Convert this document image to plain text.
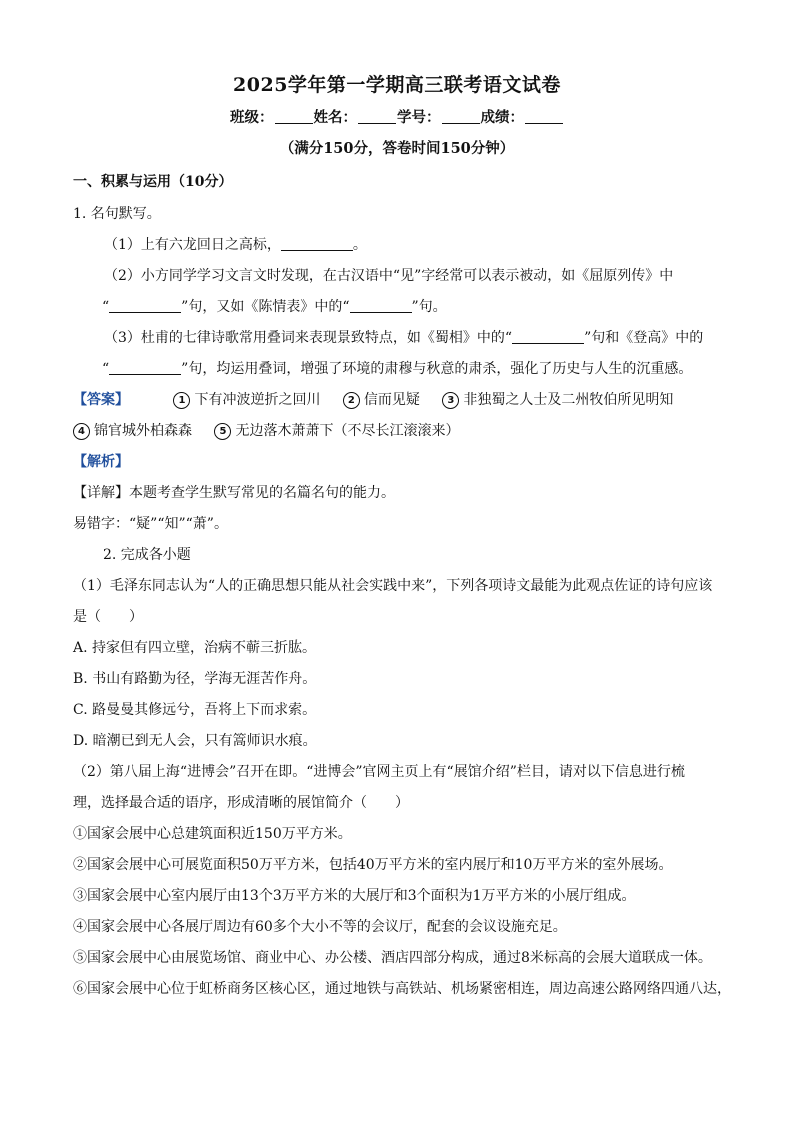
2025学年第一学期高三联考语文试卷
班级：	姓名：	学号：	成绩：
（满分150分，答卷时间150分钟）
一、积累与运用（10分）
1. 名句默写。
（1）上有六龙回日之高标，	。
（2）小方同学学习文言文时发现，在古汉语中“见”字经常可以表示被动，如《屈原列传》中
“	”句，又如《陈情表》中的“	”句。
（3）杜甫的七律诗歌常用叠词来表现景致特点，如《蜀相》中的“	”句和《登高》中的
“	”句，均运用叠词，增强了环境的肃穆与秋意的肃杀，强化了历史与人生的沉重感。
【答案】	1 下有冲波逆折之回川	2 信而见疑	3 非独蜀之人士及二州牧伯所见明知
4 锦官城外柏森森	5 无边落木萧萧下（不尽长江滚滚来）
【解析】
【详解】本题考查学生默写常见的名篇名句的能力。
易错字：“疑”“知”“萧”。
2. 完成各小题
（1）毛泽东同志认为“人的正确思想只能从社会实践中来”，下列各项诗文最能为此观点佐证的诗句应该
是（　　）
A. 持家但有四立壁，治病不蕲三折肱。
B. 书山有路勤为径，学海无涯苦作舟。
C. 路曼曼其修远兮，吾将上下而求索。
D. 暗潮已到无人会，只有篙师识水痕。
（2）第八届上海“进博会”召开在即。“进博会”官网主页上有“展馆介绍”栏目，请对以下信息进行梳
理，选择最合适的语序，形成清晰的展馆简介（　　）
①国家会展中心总建筑面积近150万平方米。
②国家会展中心可展览面积50万平方米，包括40万平方米的室内展厅和10万平方米的室外展场。
③国家会展中心室内展厅由13个3万平方米的大展厅和3个面积为1万平方米的小展厅组成。
④国家会展中心各展厅周边有60多个大小不等的会议厅，配套的会议设施充足。
⑤国家会展中心由展览场馆、商业中心、办公楼、酒店四部分构成，通过8米标高的会展大道联成一体。
⑥国家会展中心位于虹桥商务区核心区，通过地铁与高铁站、机场紧密相连，周边高速公路网络四通八达，
